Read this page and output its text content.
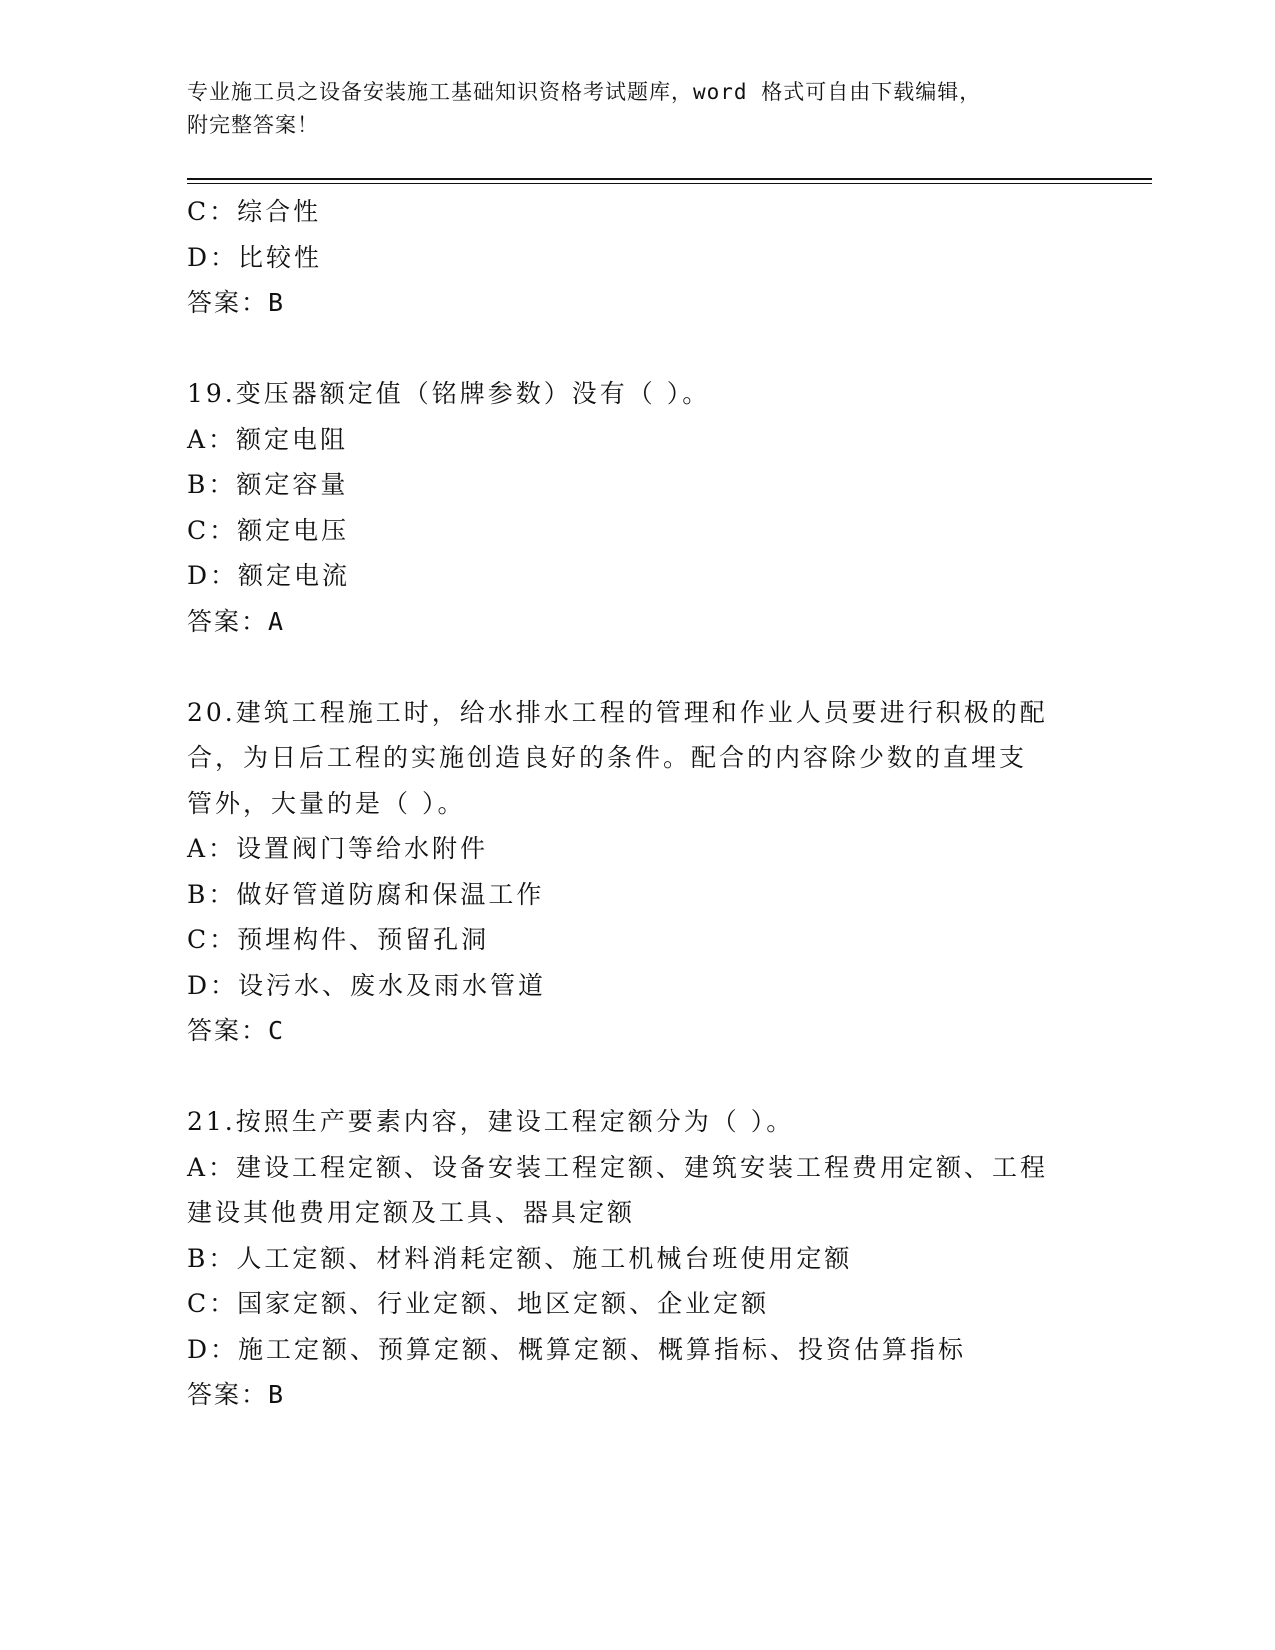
专业施工员之设备安装施工基础知识资格考试题库，word 格式可自由下载编辑，
附完整答案！
C：综合性
D：比较性
答案：B
19.变压器额定值（铭牌参数）没有（ ）。
A：额定电阻
B：额定容量
C：额定电压
D：额定电流
答案：A
20.建筑工程施工时，给水排水工程的管理和作业人员要进行积极的配
合，为日后工程的实施创造良好的条件。配合的内容除少数的直埋支
管外，大量的是（ ）。
A：设置阀门等给水附件
B：做好管道防腐和保温工作
C：预埋构件、预留孔洞
D：设污水、废水及雨水管道
答案：C
21.按照生产要素内容，建设工程定额分为（ ）。
A：建设工程定额、设备安装工程定额、建筑安装工程费用定额、工程
建设其他费用定额及工具、器具定额
B：人工定额、材料消耗定额、施工机械台班使用定额
C：国家定额、行业定额、地区定额、企业定额
D：施工定额、预算定额、概算定额、概算指标、投资估算指标
答案：B
